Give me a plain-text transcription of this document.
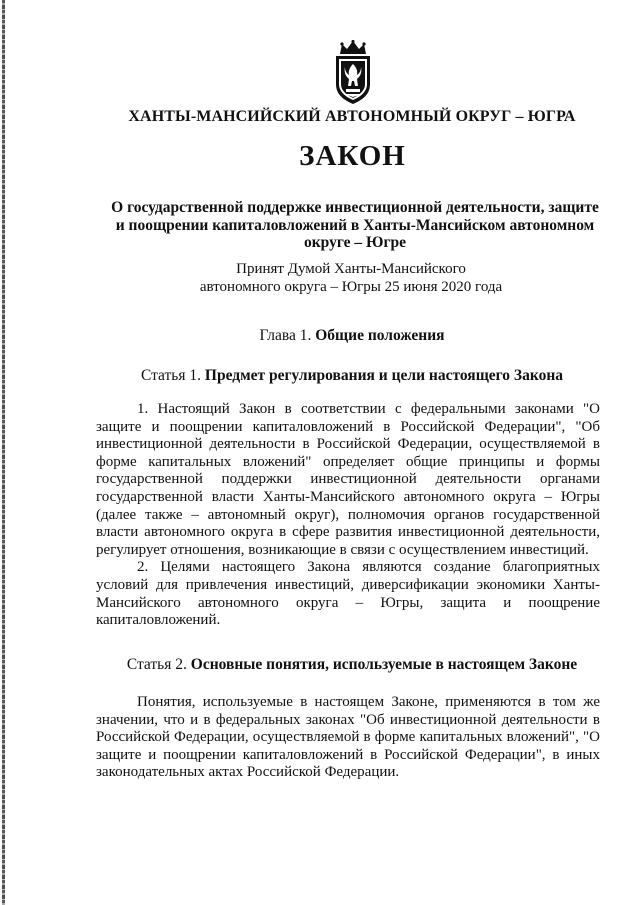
ХАНТЫ-МАНСИЙСКИЙ АВТОНОМНЫЙ ОКРУГ – ЮГРА
ЗАКОН
О государственной поддержке инвестиционной деятельности, защите и поощрении капиталовложений в Ханты-Мансийском автономном округе – Югре
Принят Думой Ханты-Мансийского
автономного округа – Югры 25 июня 2020 года
Глава 1. Общие положения
Статья 1. Предмет регулирования и цели настоящего Закона

1. Настоящий Закон в соответствии с федеральными законами "О защите и поощрении капиталовложений в Российской Федерации", "Об инвестиционной деятельности в Российской Федерации, осуществляемой в форме капитальных вложений" определяет общие принципы и формы государственной поддержки инвестиционной деятельности органами государственной власти Ханты-Мансийского автономного округа – Югры (далее также – автономный округ), полномочия органов государственной власти автономного округа в сфере развития инвестиционной деятельности, регулирует отношения, возникающие в связи с осуществлением инвестиций.

2. Целями настоящего Закона являются создание благоприятных условий для привлечения инвестиций, диверсификации экономики Ханты-Мансийского автономного округа – Югры, защита и поощрение капиталовложений.

Статья 2. Основные понятия, используемые в настоящем Законе

Понятия, используемые в настоящем Законе, применяются в том же значении, что и в федеральных законах "Об инвестиционной деятельности в Российской Федерации, осуществляемой в форме капитальных вложений", "О защите и поощрении капиталовложений в Российской Федерации", в иных законодательных актах Российской Федерации.
